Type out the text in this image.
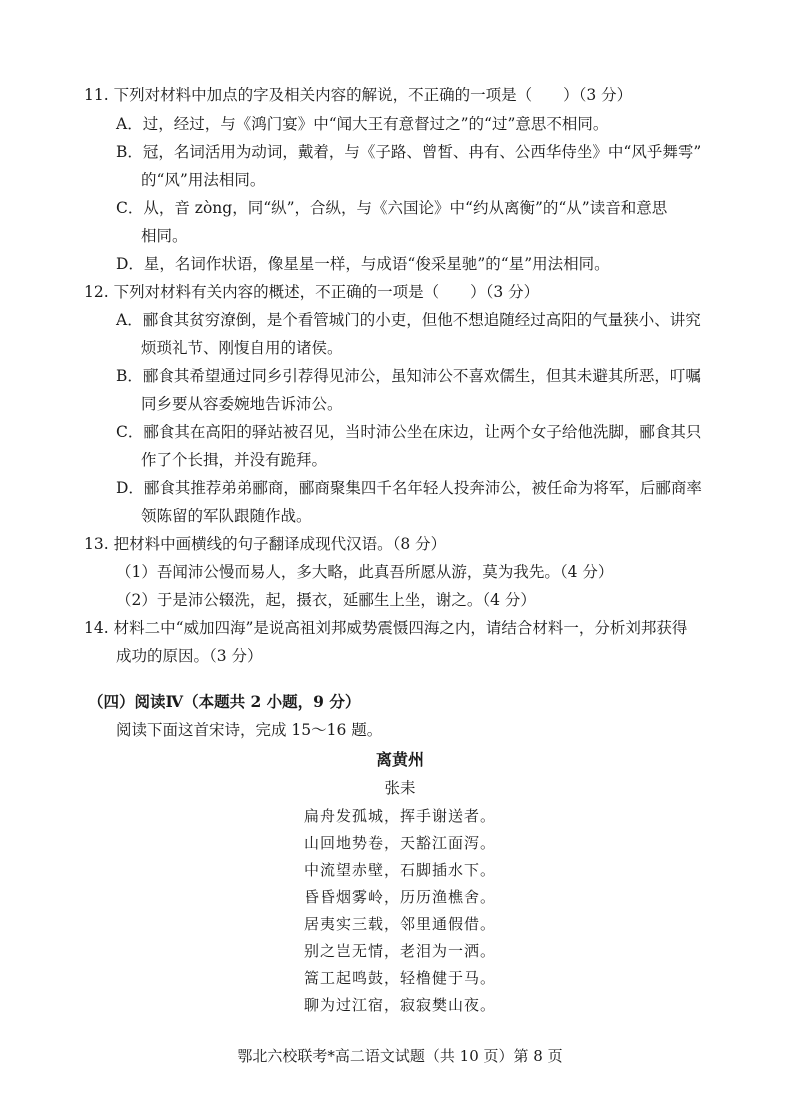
11. 下列对材料中加点的字及相关内容的解说，不正确的一项是（　　）（3 分）
A．过，经过，与《鸿门宴》中“闻大王有意督过之”的“过”意思不相同。
B．冠，名词活用为动词，戴着，与《子路、曾皙、冉有、公西华侍坐》中“风乎舞雩”
的“风”用法相同。
C．从，音 zòng，同“纵”，合纵，与《六国论》中“约从离衡”的“从”读音和意思
相同。
D．星，名词作状语，像星星一样，与成语“俊采星驰”的“星”用法相同。
12. 下列对材料有关内容的概述，不正确的一项是（　　）（3 分）
A．郦食其贫穷潦倒，是个看管城门的小吏，但他不想追随经过高阳的气量狭小、讲究
烦琐礼节、刚愎自用的诸侯。
B．郦食其希望通过同乡引荐得见沛公，虽知沛公不喜欢儒生，但其未避其所恶，叮嘱
同乡要从容委婉地告诉沛公。
C．郦食其在高阳的驿站被召见，当时沛公坐在床边，让两个女子给他洗脚，郦食其只
作了个长揖，并没有跪拜。
D．郦食其推荐弟弟郦商，郦商聚集四千名年轻人投奔沛公，被任命为将军，后郦商率
领陈留的军队跟随作战。
13. 把材料中画横线的句子翻译成现代汉语。（8 分）
（1）吾闻沛公慢而易人，多大略，此真吾所愿从游，莫为我先。（4 分）
（2）于是沛公辍洗，起，摄衣，延郦生上坐，谢之。（4 分）
14. 材料二中“威加四海”是说高祖刘邦威势震慑四海之内，请结合材料一，分析刘邦获得
成功的原因。（3 分）
（四）阅读Ⅳ（本题共 2 小题，9 分）
阅读下面这首宋诗，完成 15～16 题。
离黄州
张耒
扁舟发孤城，挥手谢送者。
山回地势卷，天豁江面泻。
中流望赤壁，石脚插水下。
昏昏烟雾岭，历历渔樵舍。
居夷实三载，邻里通假借。
别之岂无情，老泪为一洒。
篙工起鸣鼓，轻橹健于马。
聊为过江宿，寂寂樊山夜。
鄂北六校联考*高二语文试题（共 10 页）第 8 页
